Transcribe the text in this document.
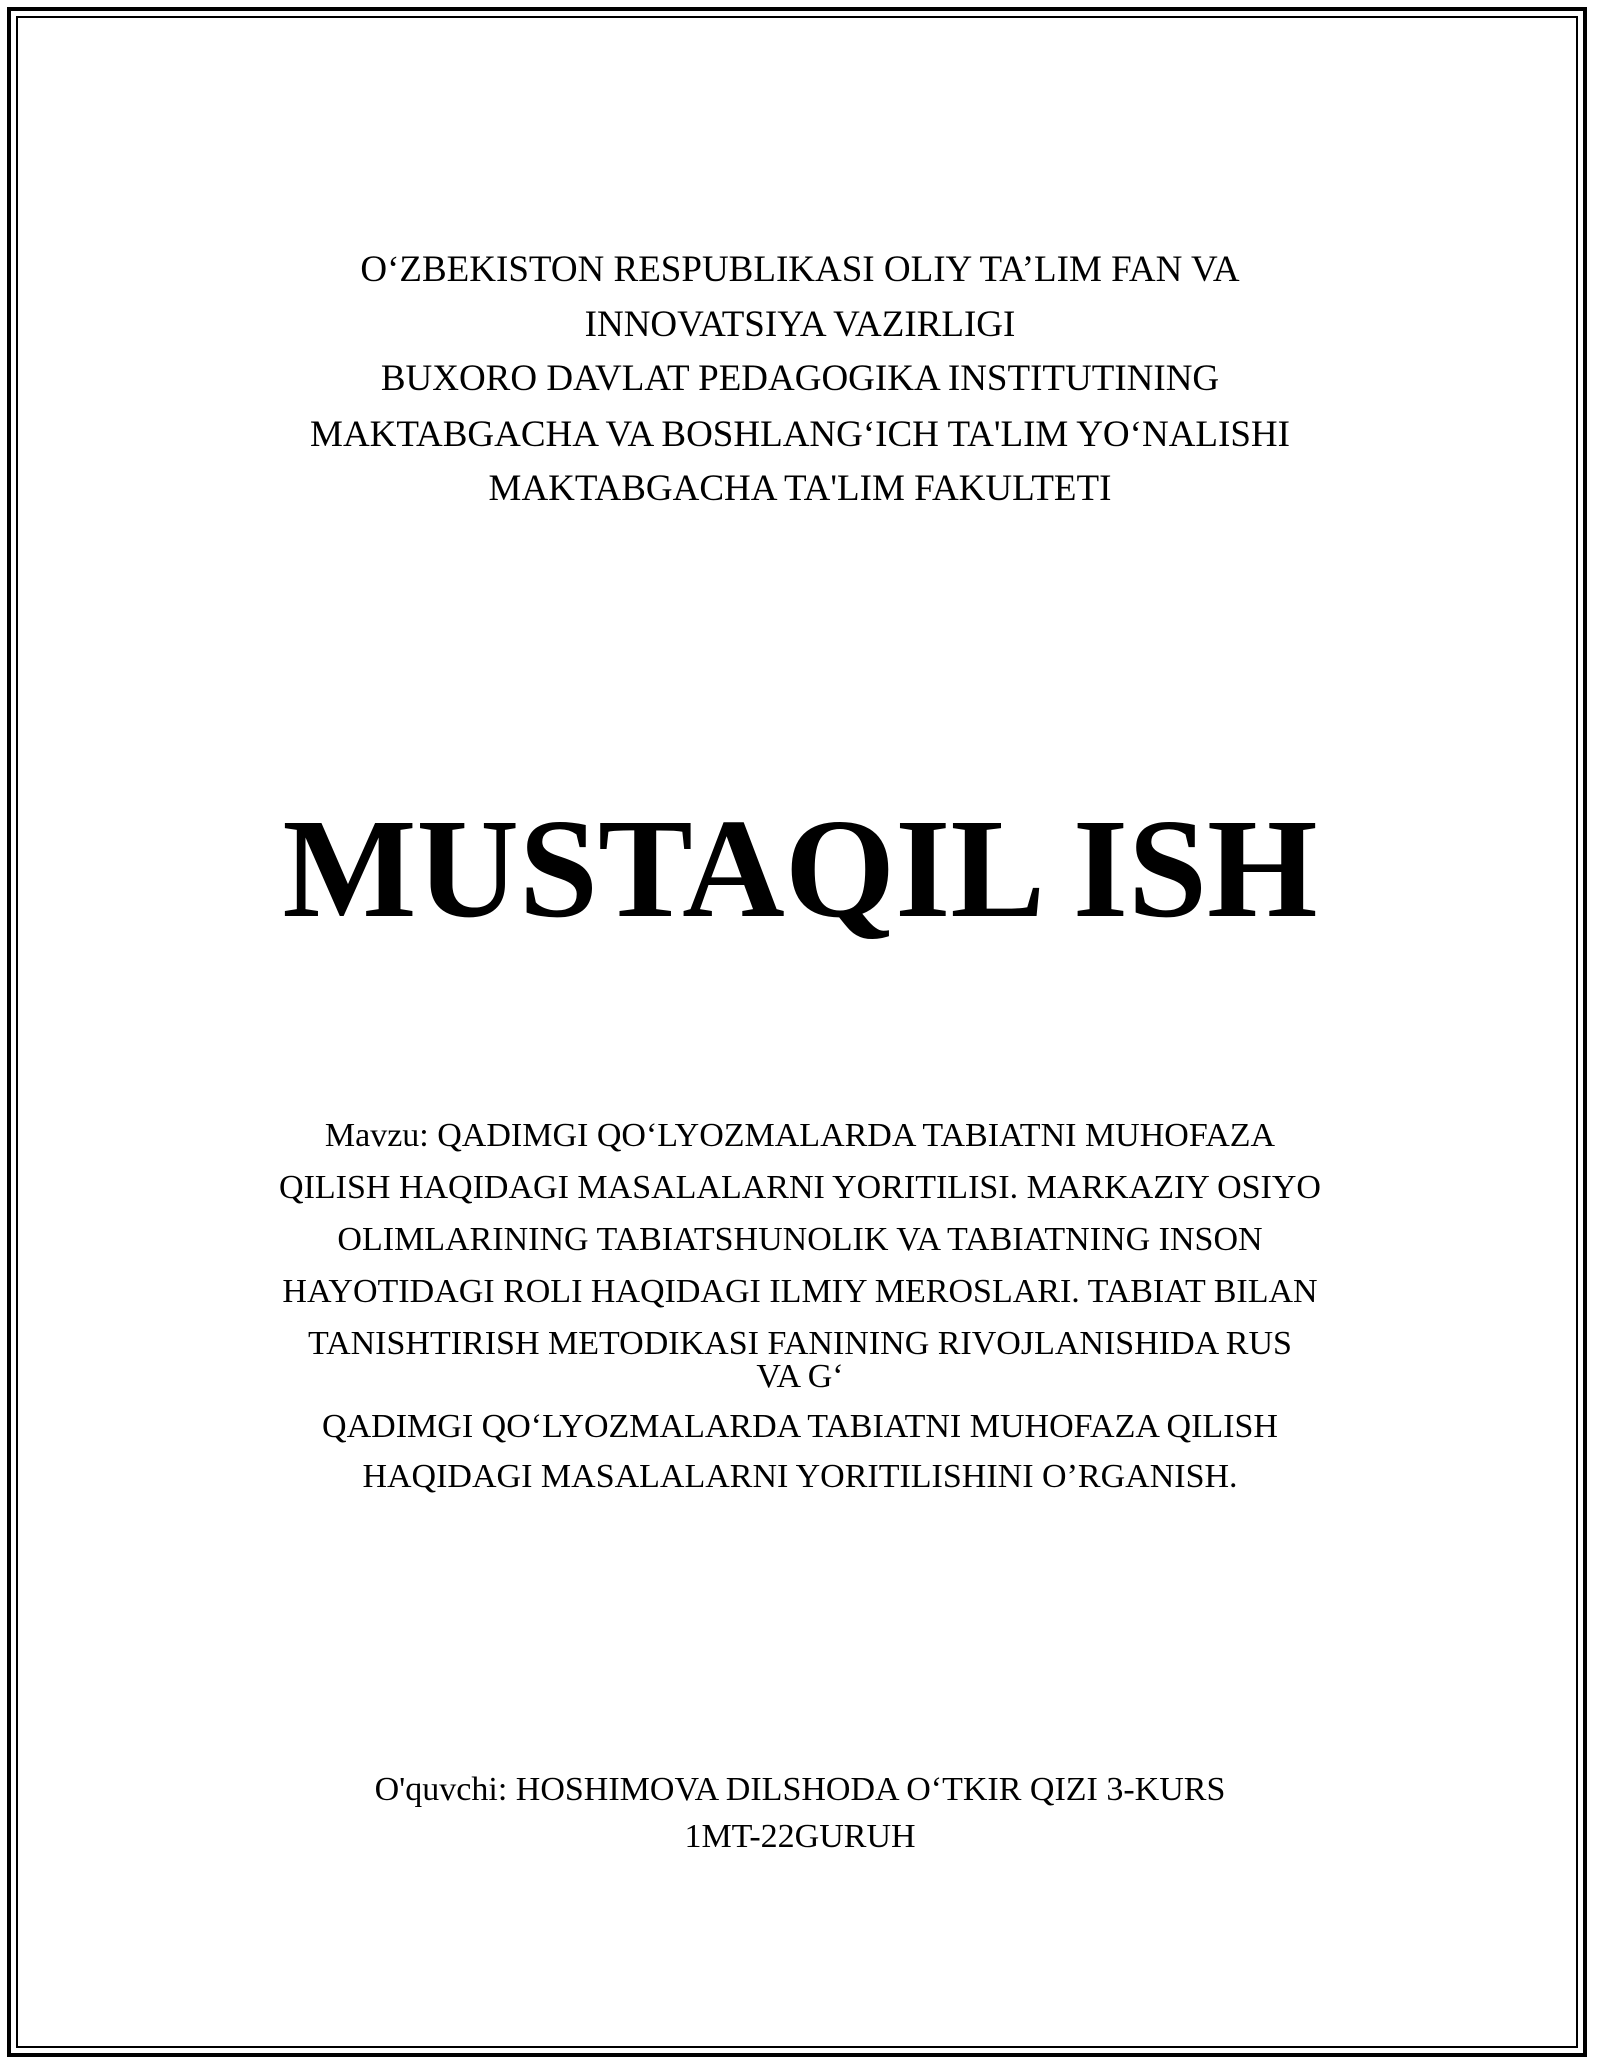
O‘ZBEKISTON RESPUBLIKASI OLIY TA’LIM FAN VA

INNOVATSIYA VAZIRLIGI

BUXORO DAVLAT PEDAGOGIKA INSTITUTINING

MAKTABGACHA VA BOSHLANG‘ICH TA'LIM YO‘NALISHI

MAKTABGACHA TA'LIM FAKULTETI

MUSTAQIL ISH

Mavzu: QADIMGI QO‘LYOZMALARDA TABIATNI MUHOFAZA

QILISH HAQIDAGI MASALALARNI YORITILISI. MARKAZIY OSIYO

OLIMLARINING TABIATSHUNOLIK VA TABIATNING INSON

HAYOTIDAGI ROLI HAQIDAGI ILMIY MEROSLARI. TABIAT BILAN

TANISHTIRISH METODIKASI FANINING RIVOJLANISHIDA RUS

VA G‘

QADIMGI QO‘LYOZMALARDA TABIATNI MUHOFAZA QILISH

HAQIDAGI MASALALARNI YORITILISHINI O’RGANISH.

O'quvchi: HOSHIMOVA DILSHODA O‘TKIR QIZI 3-KURS

1MT-22GURUH
